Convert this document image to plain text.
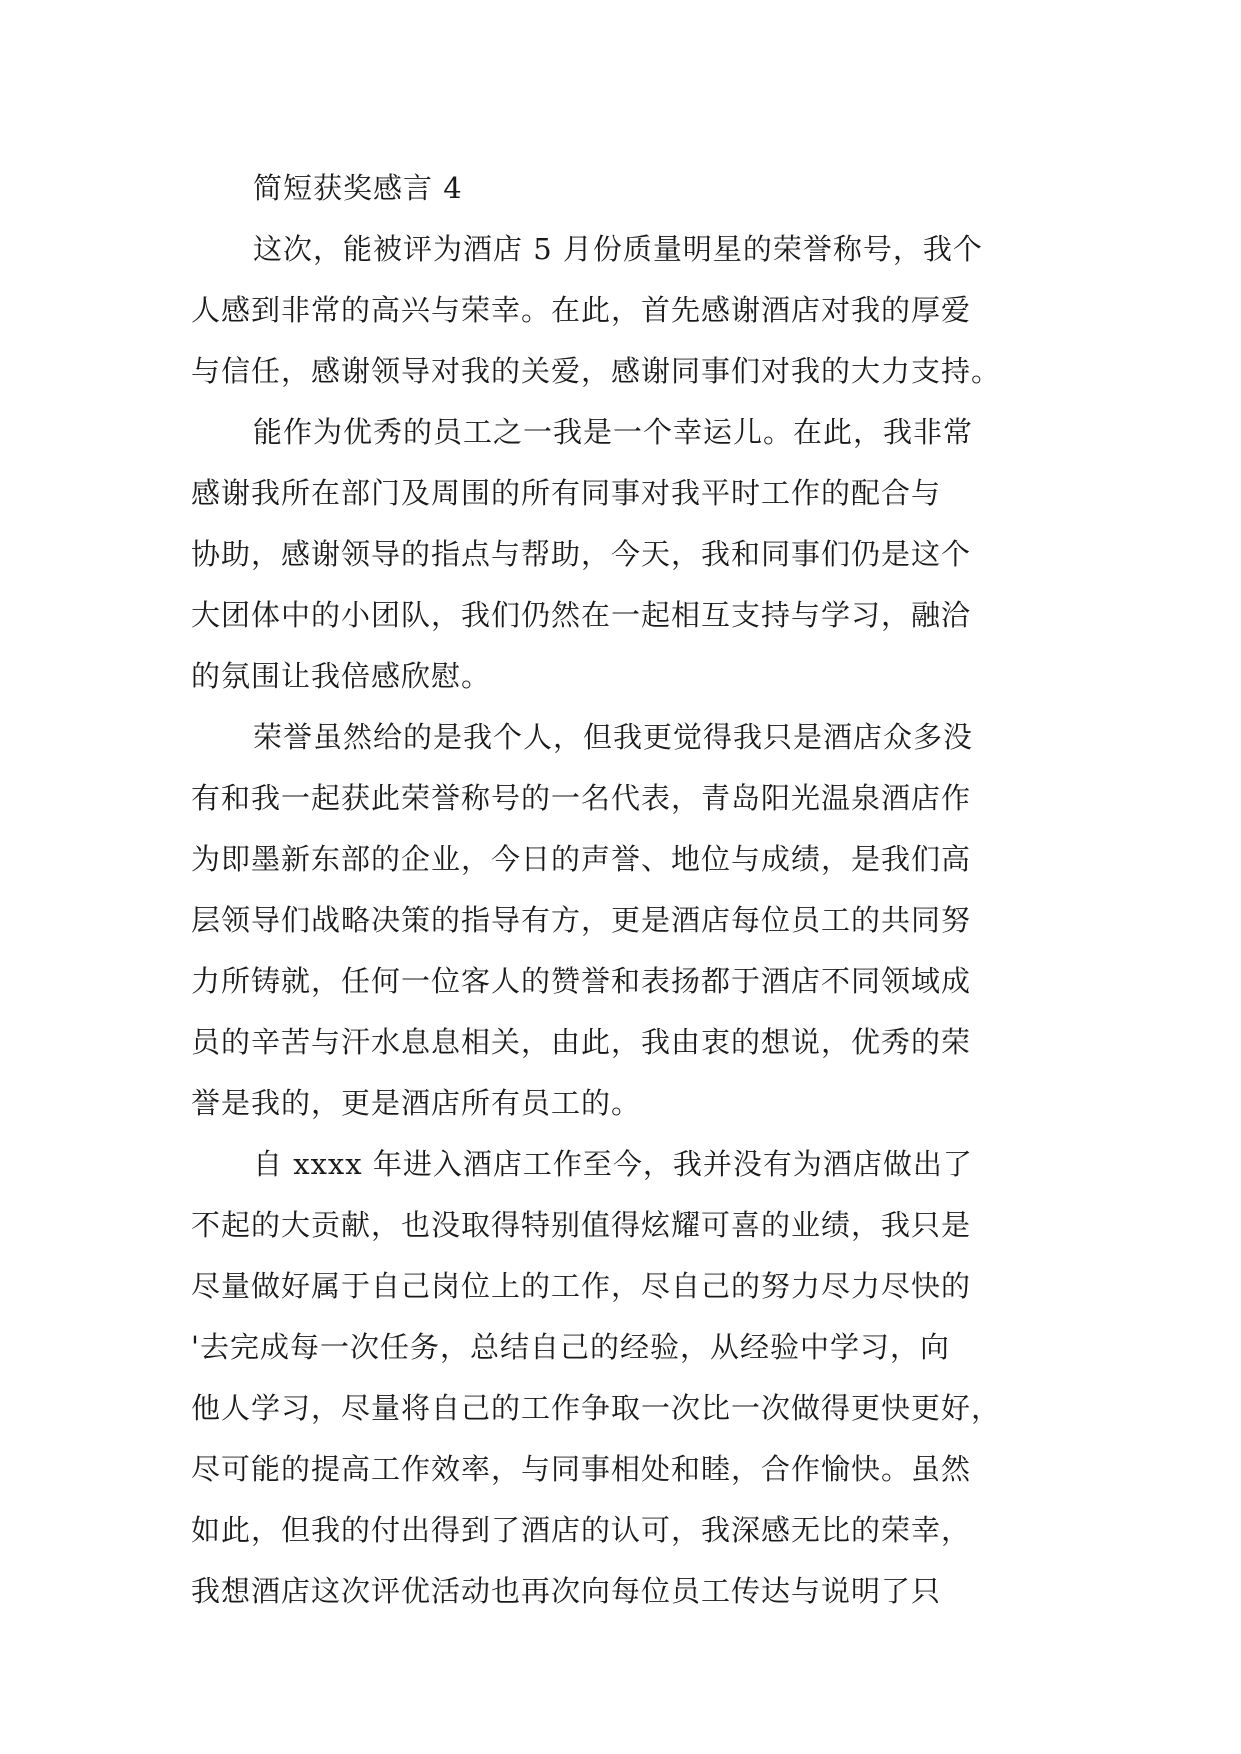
简短获奖感言 4
这次，能被评为酒店 5 月份质量明星的荣誉称号，我个
人感到非常的高兴与荣幸。在此，首先感谢酒店对我的厚爱
与信任，感谢领导对我的关爱，感谢同事们对我的大力支持。
能作为优秀的员工之一我是一个幸运儿。在此，我非常
感谢我所在部门及周围的所有同事对我平时工作的配合与
协助，感谢领导的指点与帮助，今天，我和同事们仍是这个
大团体中的小团队，我们仍然在一起相互支持与学习，融洽
的氛围让我倍感欣慰。
荣誉虽然给的是我个人，但我更觉得我只是酒店众多没
有和我一起获此荣誉称号的一名代表，青岛阳光温泉酒店作
为即墨新东部的企业，今日的声誉、地位与成绩，是我们高
层领导们战略决策的指导有方，更是酒店每位员工的共同努
力所铸就，任何一位客人的赞誉和表扬都于酒店不同领域成
员的辛苦与汗水息息相关，由此，我由衷的想说，优秀的荣
誉是我的，更是酒店所有员工的。
自 xxxx 年进入酒店工作至今，我并没有为酒店做出了
不起的大贡献，也没取得特别值得炫耀可喜的业绩，我只是
尽量做好属于自己岗位上的工作，尽自己的努力尽力尽快的
'去完成每一次任务，总结自己的经验，从经验中学习，向
他人学习，尽量将自己的工作争取一次比一次做得更快更好，
尽可能的提高工作效率，与同事相处和睦，合作愉快。虽然
如此，但我的付出得到了酒店的认可，我深感无比的荣幸，
我想酒店这次评优活动也再次向每位员工传达与说明了只
